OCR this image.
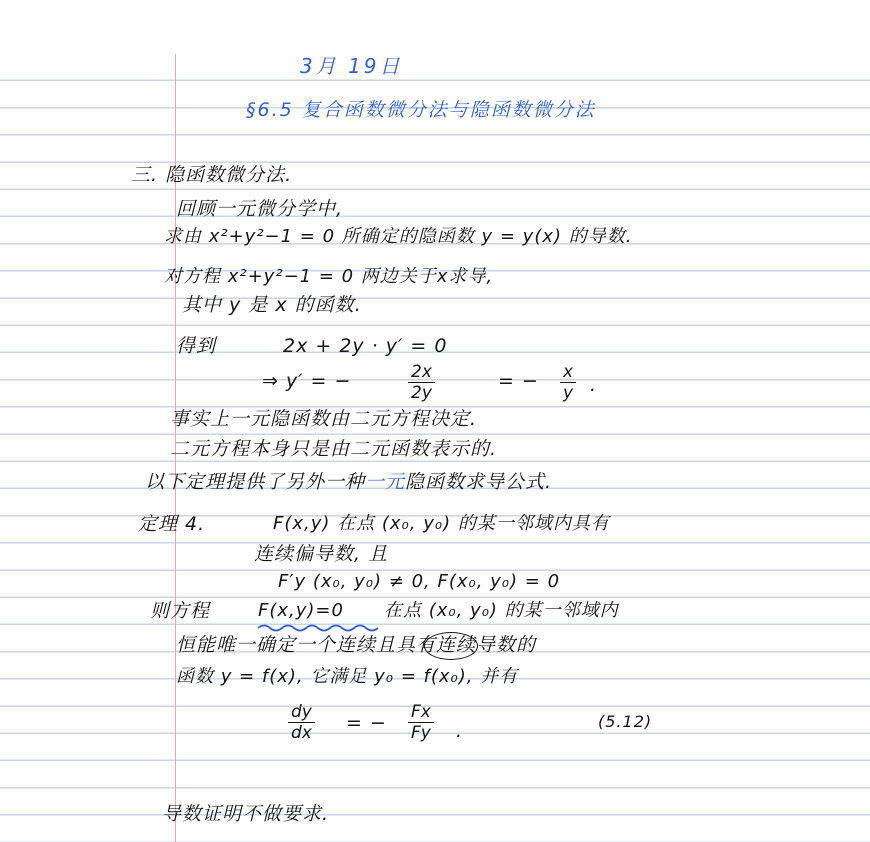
3月 19日
§6.5 复合函数微分法与隐函数微分法
三. 隐函数微分法.
回顾一元微分学中,
求由 x²+y²−1 = 0 所确定的隐函数 y = y(x) 的导数.
对方程 x²+y²−1 = 0 两边关于x求导,
其中 y 是 x 的函数.
得到	2x + 2y · y′ = 0
⇒ y′ = −	$\frac{2x}{2y}$	= − $\frac{x}{y}$ .
事实上一元隐函数由二元方程决定.
二元方程本身只是由二元函数表示的.
以下定理提供了另外一种一元隐函数求导公式.
定理 4.	F(x,y) 在点 (x₀, y₀) 的某一邻域内具有
连续偏导数, 且
F′y (x₀, y₀) ≠ 0, F(x₀, y₀) = 0
则方程	F(x,y)=0 在点 (x₀, y₀) 的某一邻域内
恒能唯一确定一个连续且具有连续导数的
函数 y = f(x), 它满足 y₀ = f(x₀), 并有
$\frac{dy}{dx}$ = − $\frac{Fx}{Fy}$ .	(5.12)
导数证明不做要求.
